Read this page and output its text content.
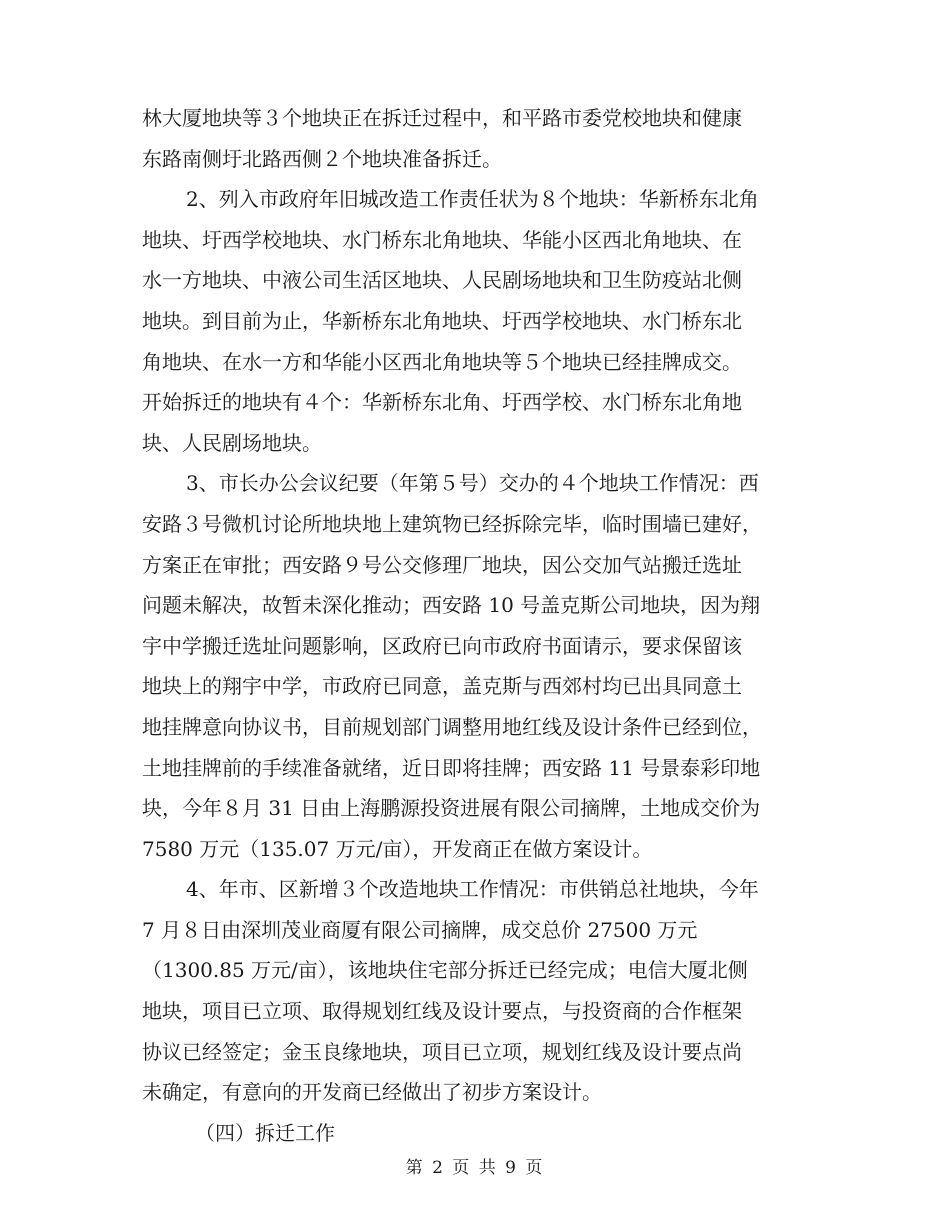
林大厦地块等３个地块正在拆迁过程中，和平路市委党校地块和健康
东路南侧圩北路西侧２个地块准备拆迁。
2、列入市政府年旧城改造工作责任状为８个地块：华新桥东北角
地块、圩西学校地块、水门桥东北角地块、华能小区西北角地块、在
水一方地块、中液公司生活区地块、人民剧场地块和卫生防疫站北侧
地块。到目前为止，华新桥东北角地块、圩西学校地块、水门桥东北
角地块、在水一方和华能小区西北角地块等５个地块已经挂牌成交。
开始拆迁的地块有４个：华新桥东北角、圩西学校、水门桥东北角地
块、人民剧场地块。
3、市长办公会议纪要（年第５号）交办的４个地块工作情况：西
安路３号微机讨论所地块地上建筑物已经拆除完毕，临时围墙已建好，
方案正在审批；西安路９号公交修理厂地块，因公交加气站搬迁选址
问题未解决，故暂未深化推动；西安路 10 号盖克斯公司地块，因为翔
宇中学搬迁选址问题影响，区政府已向市政府书面请示，要求保留该
地块上的翔宇中学，市政府已同意，盖克斯与西郊村均已出具同意土
地挂牌意向协议书，目前规划部门调整用地红线及设计条件已经到位，
土地挂牌前的手续准备就绪，近日即将挂牌；西安路 11 号景泰彩印地
块，今年８月 31 日由上海鹏源投资进展有限公司摘牌，土地成交价为
7580 万元（135.07 万元/亩），开发商正在做方案设计。
4、年市、区新增３个改造地块工作情况：市供销总社地块，今年
7 月８日由深圳茂业商厦有限公司摘牌，成交总价 27500 万元
（1300.85 万元/亩），该地块住宅部分拆迁已经完成；电信大厦北侧
地块，项目已立项、取得规划红线及设计要点，与投资商的合作框架
协议已经签定；金玉良缘地块，项目已立项，规划红线及设计要点尚
未确定，有意向的开发商已经做出了初步方案设计。
（四）拆迁工作
第 2 页 共 9 页
